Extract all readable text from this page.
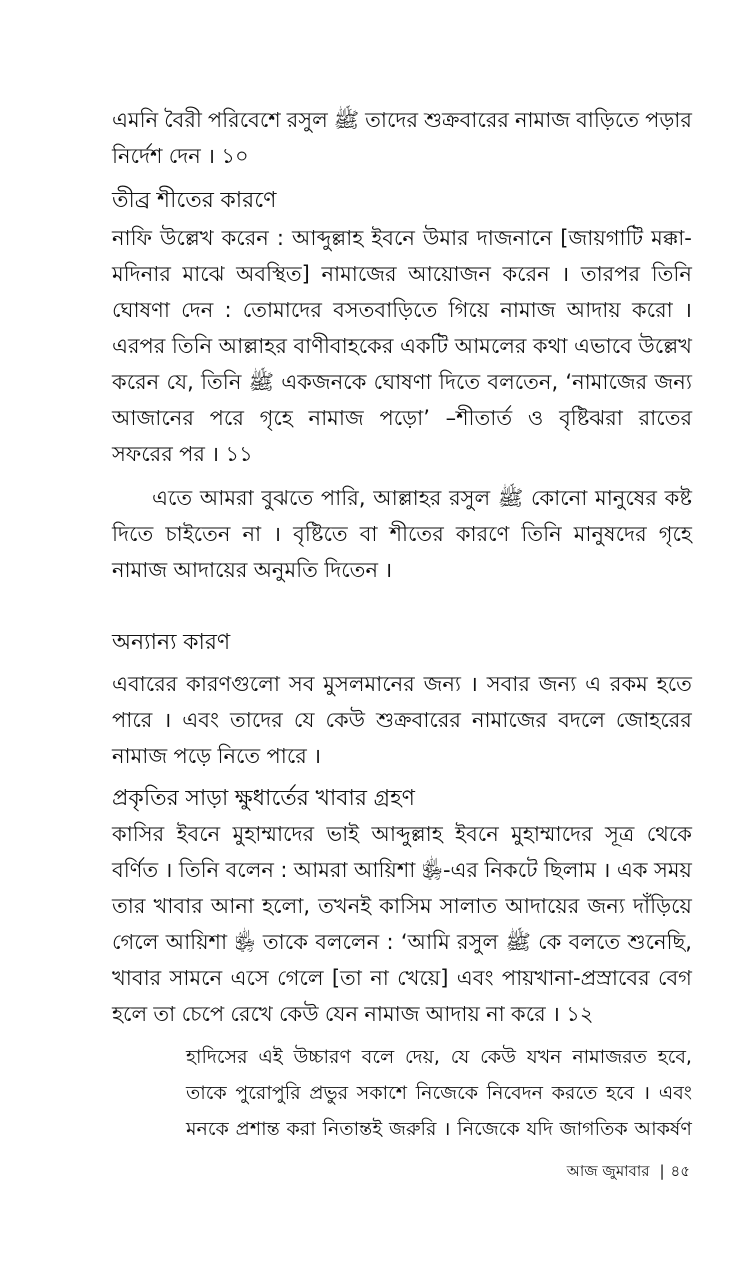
এমনি বৈরী পরিবেশে রসুল ﷺ তাদের শুক্রবারের নামাজ বাড়িতে পড়ার
নির্দেশ দেন । ১০
তীব্র শীতের কারণে
নাফি উল্লেখ করেন : আব্দুল্লাহ ইবনে উমার দাজনানে [জায়গাটি মক্কা-
মদিনার মাঝে অবস্থিত] নামাজের আয়োজন করেন । তারপর তিনি
ঘোষণা দেন : তোমাদের বসতবাড়িতে গিয়ে নামাজ আদায় করো ।
এরপর তিনি আল্লাহর বাণীবাহকের একটি আমলের কথা এভাবে উল্লেখ
করেন যে, তিনি ﷺ একজনকে ঘোষণা দিতে বলতেন, ‘নামাজের জন্য
আজানের পরে গৃহে নামাজ পড়ো’ –শীতার্ত ও বৃষ্টিঝরা রাতের
সফরের পর । ১১
এতে আমরা বুঝতে পারি, আল্লাহর রসুল ﷺ কোনো মানুষের কষ্ট
দিতে চাইতেন না । বৃষ্টিতে বা শীতের কারণে তিনি মানুষদের গৃহে
নামাজ আদায়ের অনুমতি দিতেন ।
অন্যান্য কারণ
এবারের কারণগুলো সব মুসলমানের জন্য । সবার জন্য এ রকম হতে
পারে । এবং তাদের যে কেউ শুক্রবারের নামাজের বদলে জোহরের
নামাজ পড়ে নিতে পারে ।
প্রকৃতির সাড়া ক্ষুধার্তের খাবার গ্রহণ
কাসির ইবনে মুহাম্মাদের ভাই আব্দুল্লাহ ইবনে মুহাম্মাদের সূত্র থেকে
বর্ণিত । তিনি বলেন : আমরা আয়িশা ﵂-এর নিকটে ছিলাম । এক সময়
তার খাবার আনা হলো, তখনই কাসিম সালাত আদায়ের জন্য দাঁড়িয়ে
গেলে আয়িশা ﵂ তাকে বললেন : ‘আমি রসুল ﷺ কে বলতে শুনেছি,
খাবার সামনে এসে গেলে [তা না খেয়ে] এবং পায়খানা-প্রস্রাবের বেগ
হলে তা চেপে রেখে কেউ যেন নামাজ আদায় না করে । ১২
হাদিসের এই উচ্চারণ বলে দেয়, যে কেউ যখন নামাজরত হবে,
তাকে পুরোপুরি প্রভুর সকাশে নিজেকে নিবেদন করতে হবে । এবং
মনকে প্রশান্ত করা নিতান্তই জরুরি । নিজেকে যদি জাগতিক আকর্ষণ
আজ জুমাবার | ৪৫
